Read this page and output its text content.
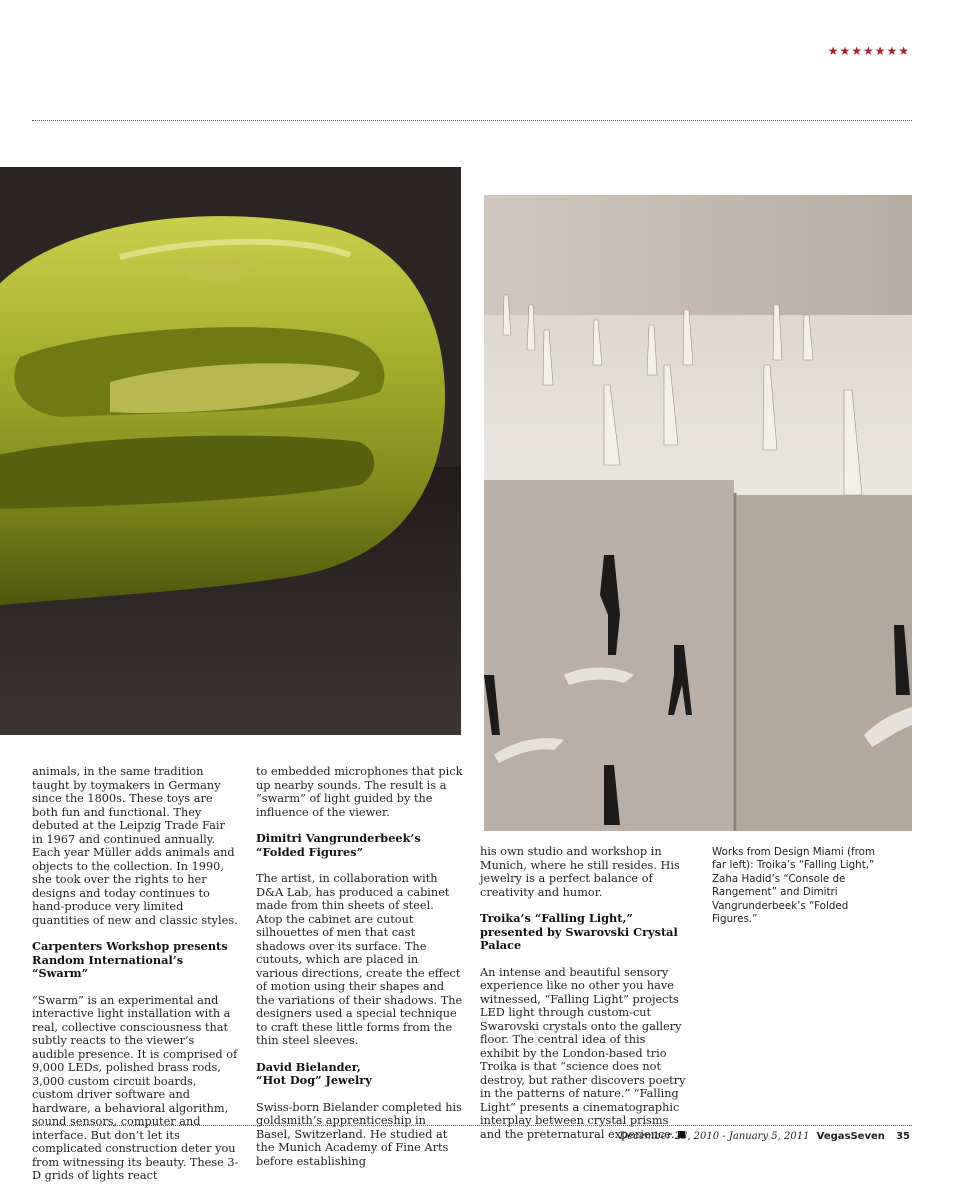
★★★★★★★

animals, in the same tradition taught by toymakers in Germany since the 1800s. These toys are both fun and functional. They debuted at the Leipzig Trade Fair in 1967 and continued annually. Each year Müller adds animals and objects to the collection. In 1990, she took over the rights to her designs and today continues to hand-produce very limited quantities of new and classic styles.

Carpenters Workshop presents Random International’s “Swarm”

“Swarm” is an experimental and interactive light installation with a real, collective consciousness that subtly reacts to the viewer’s audible presence. It is comprised of 9,000 LEDs, polished brass rods, 3,000 custom circuit boards, custom driver software and hardware, a behavioral algorithm, sound sensors, computer and interface. But don’t let its complicated construction deter you from witnessing its beauty. These 3-D grids of lights react

to embedded microphones that pick up nearby sounds. The result is a “swarm” of light guided by the influence of the viewer.

Dimitri Vangrunderbeek’s “Folded Figures”

The artist, in collaboration with D&A Lab, has produced a cabinet made from thin sheets of steel. Atop the cabinet are cutout silhouettes of men that cast shadows over its surface. The cutouts, which are placed in various directions, create the effect of motion using their shapes and the variations of their shadows. The designers used a special technique to craft these little forms from the thin steel sleeves.

David Bielander,
“Hot Dog” Jewelry

Swiss-born Bielander completed his goldsmith’s apprenticeship in Basel, Switzerland. He studied at the Munich Academy of Fine Arts before establishing

his own studio and workshop in Munich, where he still resides. His jewelry is a perfect balance of creativity and humor.

Troika’s “Falling Light,” presented by Swarovski Crystal Palace

An intense and beautiful sensory experience like no other you have witnessed, “Falling Light” projects LED light through custom-cut Swarovski crystals onto the gallery floor. The central idea of this exhibit by the London-based trio Troika is that “science does not destroy, but rather discovers poetry in the patterns of nature.” “Falling Light” presents a cinematographic interplay between crystal prisms and the preternatural experience.

Works from Design Miami (from far left): Troika’s “Falling Light,” Zaha Hadid’s “Console de Rangement” and Dimitri Vangrunderbeek’s “Folded Figures.”
December 23, 2010 - January 5, 2011 VegasSeven 35
